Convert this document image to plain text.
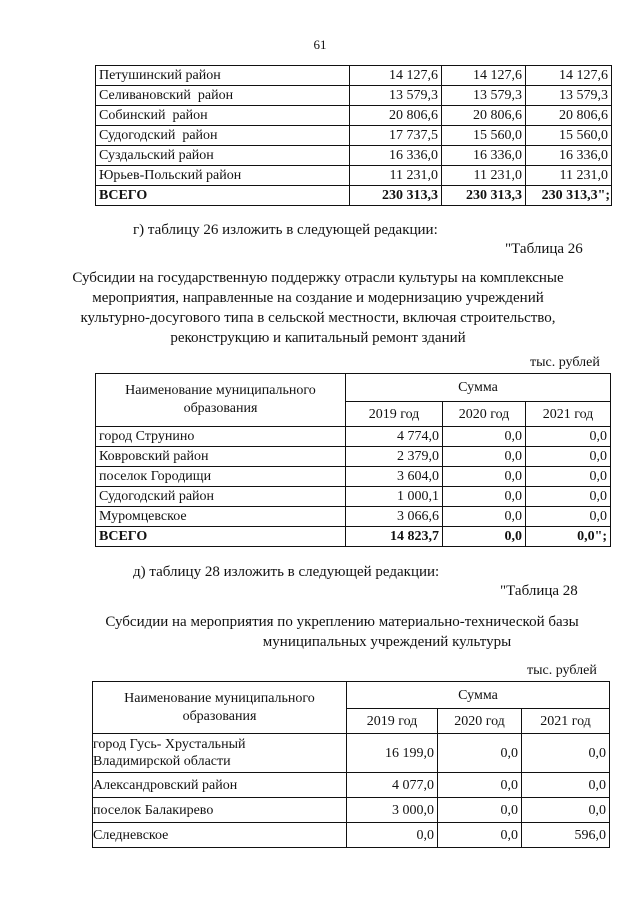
61
Петушинский район	14 127,6	14 127,6	14 127,6
Селивановский  район	13 579,3	13 579,3	13 579,3
Собинский  район	20 806,6	20 806,6	20 806,6
Судогодский  район	17 737,5	15 560,0	15 560,0
Суздальский район	16 336,0	16 336,0	16 336,0
Юрьев-Польский район	11 231,0	11 231,0	11 231,0
ВСЕГО	230 313,3	230 313,3	230 313,3";
г) таблицу 26 изложить в следующей редакции:
"Таблица 26
Субсидии на государственную поддержку отрасли культуры на комплексные
мероприятия, направленные на создание и модернизацию учреждений
культурно-досугового типа в сельской местности, включая строительство,
реконструкцию и капитальный ремонт зданий
тыс. рублей
Наименование муниципального
образования	Сумма		
	2019 год	2020 год	2021 год
город Струнино	4 774,0	0,0	0,0
Ковровский район	2 379,0	0,0	0,0
поселок Городищи	3 604,0	0,0	0,0
Судогодский район	1 000,1	0,0	0,0
Муромцевское	3 066,6	0,0	0,0
ВСЕГО	14 823,7	0,0	0,0";
д) таблицу 28 изложить в следующей редакции:
"Таблица 28
Субсидии на мероприятия по укреплению материально-технической базы
муниципальных учреждений культуры
тыс. рублей
Наименование муниципального
образования	Сумма		
	2019 год	2020 год	2021 год

город Гусь- Хрустальный
Владимирской области	16 199,0	0,0	0,0
Александровский район	4 077,0	0,0	0,0
поселок Балакирево	3 000,0	0,0	0,0
Следневское	0,0	0,0	596,0
